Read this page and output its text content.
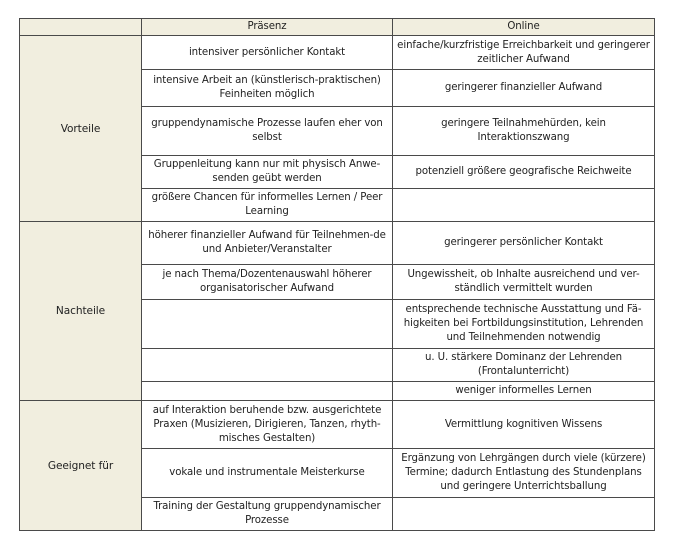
	Präsenz	Online
Vorteile	intensiver persönlicher Kontakt	einfache/kurzfristige Erreichbarkeit und geringerer zeitlicher Aufwand
	intensive Arbeit an (künstlerisch-praktischen) Feinheiten möglich	geringerer finanzieller Aufwand
	gruppendynamische Prozesse laufen eher von selbst	geringere Teilnahmehürden, kein Interaktionszwang
	Gruppenleitung kann nur mit physisch Anwe-senden geübt werden	potenziell größere geografische Reichweite
	größere Chancen für informelles Lernen / Peer Learning	
Nachteile	höherer finanzieller Aufwand für Teilnehmen-de und Anbieter/Veranstalter	geringerer persönlicher Kontakt
	je nach Thema/Dozentenauswahl höherer organisatorischer Aufwand	Ungewissheit, ob Inhalte ausreichend und ver-ständlich vermittelt wurden
		entsprechende technische Ausstattung und Fä-higkeiten bei Fortbildungsinstitution, Lehrenden und Teilnehmenden notwendig
		u. U. stärkere Dominanz der Lehrenden (Frontalunterricht)
		weniger informelles Lernen
Geeignet für	auf Interaktion beruhende bzw. ausgerichtete Praxen (Musizieren, Dirigieren, Tanzen, rhyth-misches Gestalten)	Vermittlung kognitiven Wissens
	vokale und instrumentale Meisterkurse	Ergänzung von Lehrgängen durch viele (kürzere) Termine; dadurch Entlastung des Stundenplans und geringere Unterrichtsballung
	Training der Gestaltung gruppendynamischer Prozesse	
